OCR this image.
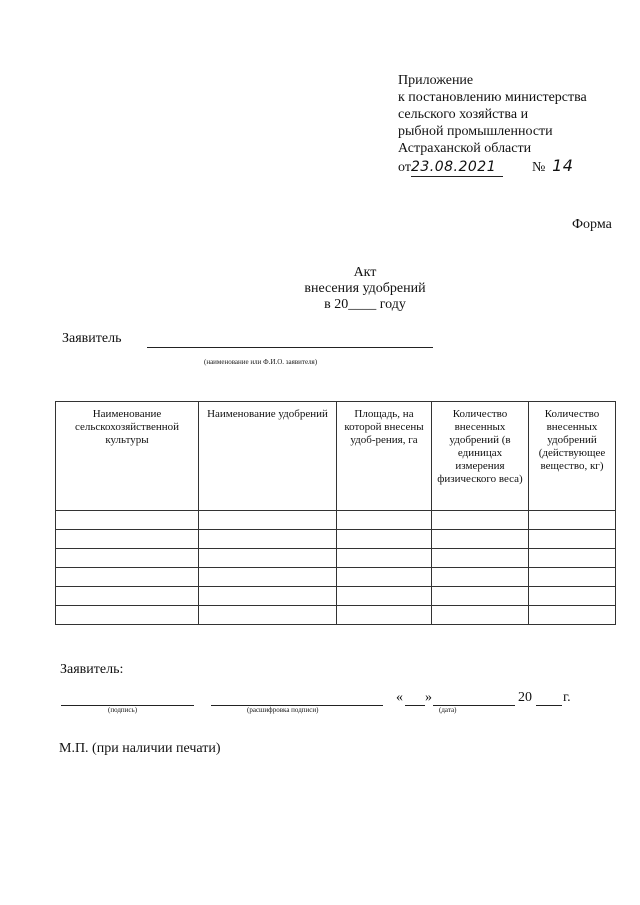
Приложение
к постановлению министерства
сельского хозяйства и
рыбной промышленности
Астраханской области
от23.08.2021	№ 14
Форма
Акт
внесения удобрений
в 20____ году
Заявитель
(наименование или Ф.И.О. заявителя)
Наименование сельскохозяйственной культуры	Наименование удобрений	Площадь, на которой внесены удоб-рения, га	Количество внесенных удобрений (в единицах измерения физического веса)	Количество внесенных удобрений (действующее вещество, кг)

Заявитель:
(подпись)	(расшифровка подписи)
« »
(дата)
20 г.
М.П. (при наличии печати)
